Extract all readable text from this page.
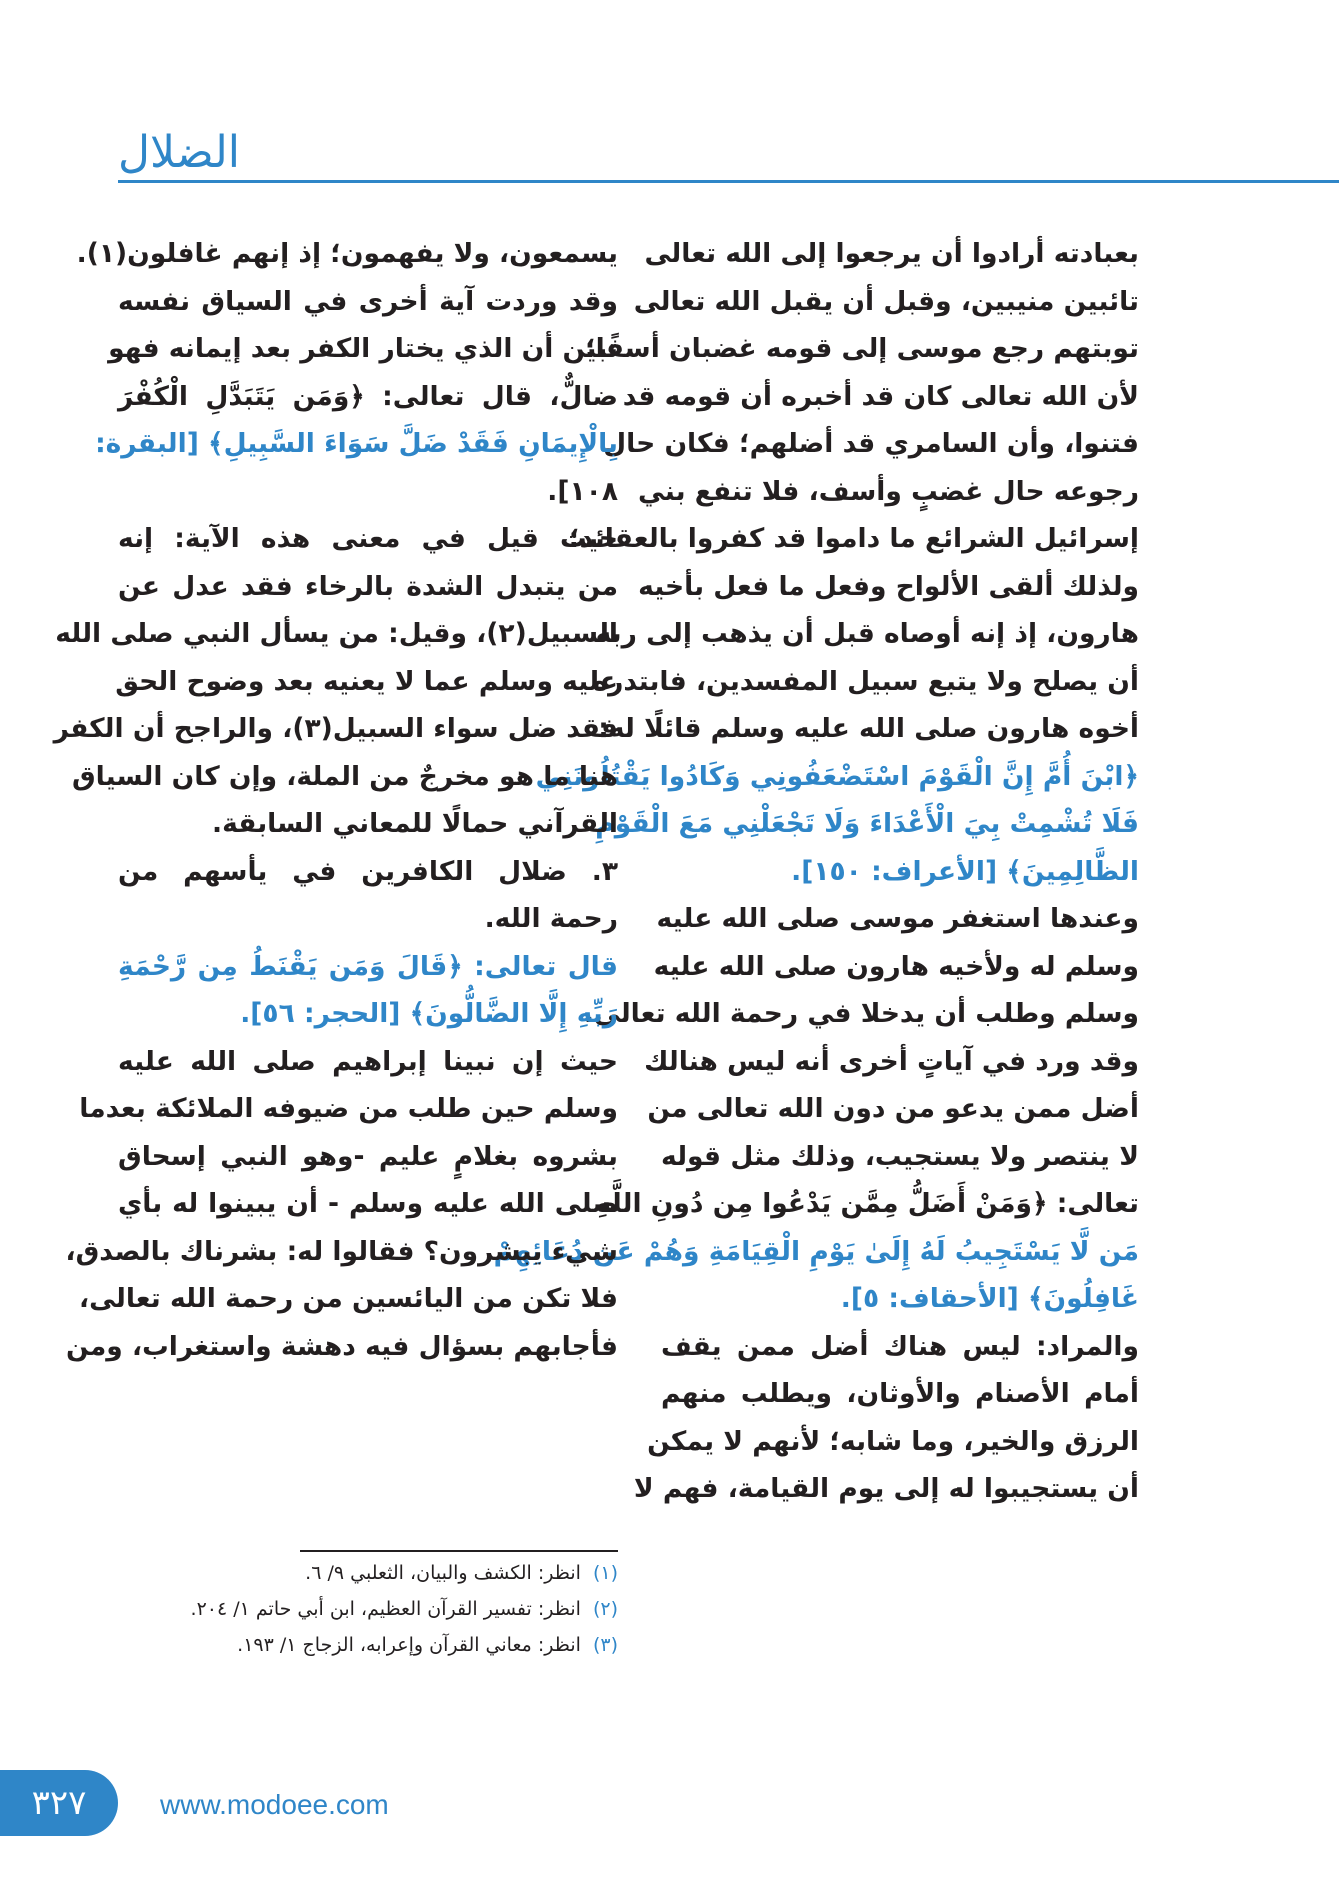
الضلال
بعبادته أرادوا أن يرجعوا إلى الله تعالى
تائبين منيبين، وقبل أن يقبل الله تعالى
توبتهم رجع موسى إلى قومه غضبان أسفًا؛
لأن الله تعالى كان قد أخبره أن قومه قد
فتنوا، وأن السامري قد أضلهم؛ فكان حال
رجوعه حال غضبٍ وأسف، فلا تنفع بني
إسرائيل الشرائع ما داموا قد كفروا بالعقائد؛
ولذلك ألقى الألواح وفعل ما فعل بأخيه
هارون، إذ إنه أوصاه قبل أن يذهب إلى ربه
أن يصلح ولا يتبع سبيل المفسدين، فابتدره
أخوه هارون صلى الله عليه وسلم قائلًا له:
﴿ابْنَ أُمَّ إِنَّ الْقَوْمَ اسْتَضْعَفُونِي وَكَادُوا يَقْتُلُونَنِي
فَلَا تُشْمِتْ بِيَ الْأَعْدَاءَ وَلَا تَجْعَلْنِي مَعَ الْقَوْمِ
الظَّالِمِينَ﴾ [الأعراف: ١٥٠].
وعندها استغفر موسى صلى الله عليه
وسلم له ولأخيه هارون صلى الله عليه
وسلم وطلب أن يدخلا في رحمة الله تعالى.
وقد ورد في آياتٍ أخرى أنه ليس هنالك
أضل ممن يدعو من دون الله تعالى من
لا ينتصر ولا يستجيب، وذلك مثل قوله
تعالى: ﴿وَمَنْ أَضَلُّ مِمَّن يَدْعُوا مِن دُونِ اللَّهِ
مَن لَّا يَسْتَجِيبُ لَهُ إِلَىٰ يَوْمِ الْقِيَامَةِ وَهُمْ عَن دُعَائِهِمْ
غَافِلُونَ﴾ [الأحقاف: ٥].
والمراد: ليس هناك أضل ممن يقف
أمام الأصنام والأوثان، ويطلب منهم
الرزق والخير، وما شابه؛ لأنهم لا يمكن
أن يستجيبوا له إلى يوم القيامة، فهم لا
يسمعون، ولا يفهمون؛ إذ إنهم غافلون(١).
وقد وردت آية أخرى في السياق نفسه
تبين أن الذي يختار الكفر بعد إيمانه فهو
ضالٌّ، قال تعالى: ﴿وَمَن يَتَبَدَّلِ الْكُفْرَ
بِالْإِيمَانِ فَقَدْ ضَلَّ سَوَاءَ السَّبِيلِ﴾ [البقرة:
١٠٨].
حيث قيل في معنى هذه الآية: إنه
من يتبدل الشدة بالرخاء فقد عدل عن
السبيل(٢)، وقيل: من يسأل النبي صلى الله
عليه وسلم عما لا يعنيه بعد وضوح الحق
فقد ضل سواء السبيل(٣)، والراجح أن الكفر
هنا ما هو مخرجٌ من الملة، وإن كان السياق
القرآني حمالًا للمعاني السابقة.
٣. ضلال الكافرين في يأسهم من
رحمة الله.
قال تعالى: ﴿قَالَ وَمَن يَقْنَطُ مِن رَّحْمَةِ
رَبِّهِ إِلَّا الضَّالُّونَ﴾ [الحجر: ٥٦].
حيث إن نبينا إبراهيم صلى الله عليه
وسلم حين طلب من ضيوفه الملائكة بعدما
بشروه بغلامٍ عليم -وهو النبي إسحاق
صلى الله عليه وسلم - أن يبينوا له بأي
شيء يبشرون؟ فقالوا له: بشرناك بالصدق،
فلا تكن من اليائسين من رحمة الله تعالى،
فأجابهم بسؤال فيه دهشة واستغراب، ومن
(١) انظر: الكشف والبيان، الثعلبي ٩/ ٦.
(٢) انظر: تفسير القرآن العظيم، ابن أبي حاتم ١/ ٢٠٤.
(٣) انظر: معاني القرآن وإعرابه، الزجاج ١/ ١٩٣.
٣٢٧	www.modoee.com
